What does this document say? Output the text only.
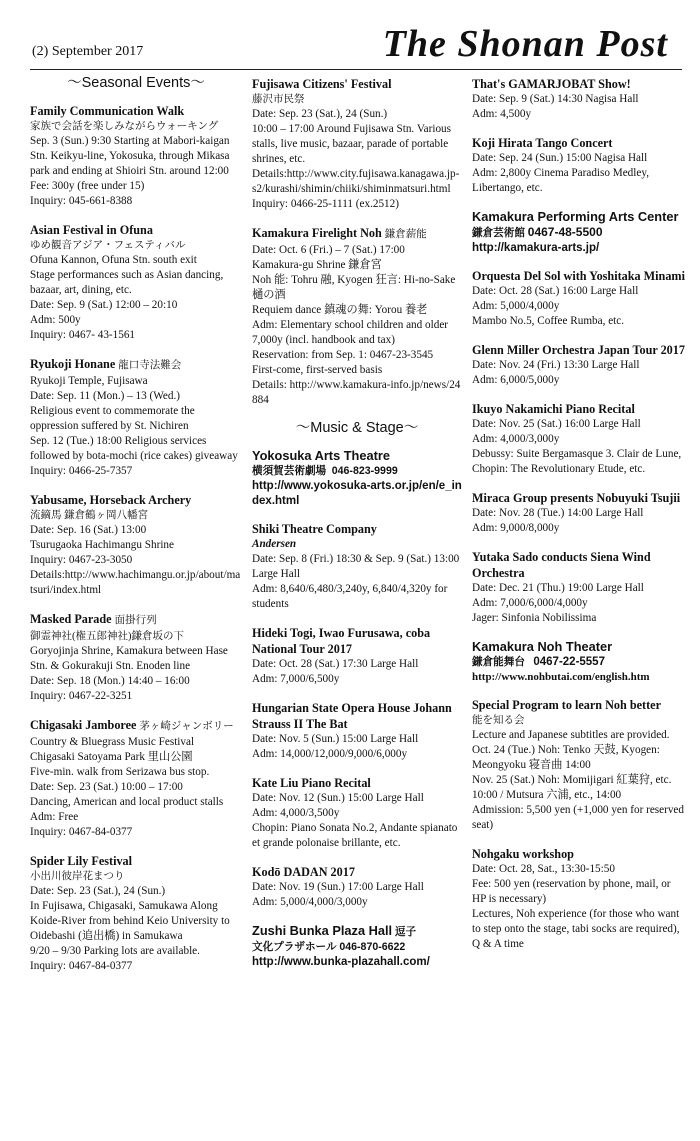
(2) September 2017	The Shonan Post
～Seasonal Events～
Family Communication Walk
家族で会話を楽しみながらウォーキング
Sep. 3 (Sun.) 9:30 Starting at Mabori-kaigan Stn. Keikyu-line, Yokosuka, through Mikasa park and ending at Shioiri Stn. around 12:00
Fee: 300y (free under 15)
Inquiry: 045-661-8388
Asian Festival in Ofuna
ゆめ観音アジア・フェスティバル
Ofuna Kannon, Ofuna Stn. south exit
Stage performances such as Asian dancing, bazaar, art, dining, etc.
Date: Sep. 9 (Sat.) 12:00 – 20:10
Adm: 500y
Inquiry: 0467- 43-1561
Ryukoji Honane 龍口寺法難会
Ryukoji Temple, Fujisawa
Date: Sep. 11 (Mon.) – 13 (Wed.)
Religious event to commemorate the oppression suffered by St. Nichiren
Sep. 12 (Tue.) 18:00 Religious services followed by bota-mochi (rice cakes) giveaway
Inquiry: 0466-25-7357
Yabusame, Horseback Archery
流鏑馬 鎌倉鶴ヶ岡八幡宮
Date: Sep. 16 (Sat.) 13:00
Tsurugaoka Hachimangu Shrine
Inquiry: 0467-23-3050
Details:http://www.hachimangu.or.jp/about/matsuri/index.html
Masked Parade 面掛行列
御霊神社(権五郎神社)鎌倉坂の下
Goryojinja Shrine, Kamakura between Hase Stn. & Gokurakuji Stn. Enoden line
Date: Sep. 18 (Mon.) 14:40 – 16:00
Inquiry: 0467-22-3251
Chigasaki Jamboree 茅ヶ崎ジャンボリー
Country & Bluegrass Music Festival
Chigasaki Satoyama Park 里山公園
Five-min. walk from Serizawa bus stop.
Date: Sep. 23 (Sat.) 10:00 – 17:00
Dancing, American and local product stalls
Adm: Free
Inquiry: 0467-84-0377
Spider Lily Festival
小出川彼岸花まつり
Date: Sep. 23 (Sat.), 24 (Sun.)
In Fujisawa, Chigasaki, Samukawa Along Koide-River from behind Keio University to Oidebashi (追出橋) in Samukawa
9/20 – 9/30 Parking lots are available.
Inquiry: 0467-84-0377
Fujisawa Citizens' Festival
藤沢市民祭
Date: Sep. 23 (Sat.), 24 (Sun.)
10:00 – 17:00 Around Fujisawa Stn. Various stalls, live music, bazaar, parade of portable shrines, etc.
Details:http://www.city.fujisawa.kanagawa.jp-s2/kurashi/shimin/chiiki/shiminmatsuri.html
Inquiry: 0466-25-1111 (ex.2512)
Kamakura Firelight Noh 鎌倉薪能
Date: Oct. 6 (Fri.) – 7 (Sat.) 17:00
Kamakura-gu Shrine 鎌倉宮
Noh 能: Tohru 融, Kyogen 狂言: Hi-no-Sake 樋の酒
Requiem dance 鎮魂の舞: Yorou 養老
Adm: Elementary school children and older 7,000y (incl. handbook and tax)
Reservation: from Sep. 1: 0467-23-3545
First-come, first-served basis
Details: http://www.kamakura-info.jp/news/24884
～Music & Stage～
Yokosuka Arts Theatre
横須賀芸術劇場 046-823-9999
http://www.yokosuka-arts.or.jp/en/e_index.html
Shiki Theatre Company
Andersen
Date: Sep. 8 (Fri.) 18:30 & Sep. 9 (Sat.) 13:00 Large Hall
Adm: 8,640/6,480/3,240y, 6,840/4,320y for students
Hideki Togi, Iwao Furusawa, coba National Tour 2017
Date: Oct. 28 (Sat.) 17:30 Large Hall
Adm: 7,000/6,500y
Hungarian State Opera House Johann Strauss II The Bat
Date: Nov. 5 (Sun.) 15:00 Large Hall
Adm: 14,000/12,000/9,000/6,000y
Kate Liu Piano Recital
Date: Nov. 12 (Sun.) 15:00 Large Hall
Adm: 4,000/3,500y
Chopin: Piano Sonata No.2, Andante spianato et grande polonaise brillante, etc.
Kodō DADAN 2017
Date: Nov. 19 (Sun.) 17:00 Large Hall
Adm: 5,000/4,000/3,000y
Zushi Bunka Plaza Hall 逗子
文化プラザホール 046-870-6622
http://www.bunka-plazahall.com/
That's GAMARJOBAT Show!
Date: Sep. 9 (Sat.) 14:30 Nagisa Hall
Adm: 4,500y
Koji Hirata Tango Concert
Date: Sep. 24 (Sun.) 15:00 Nagisa Hall
Adm: 2,800y Cinema Paradiso Medley, Libertango, etc.
Kamakura Performing Arts Center
鎌倉芸術館 0467-48-5500
http://kamakura-arts.jp/
Orquesta Del Sol with Yoshitaka Minami
Date: Oct. 28 (Sat.) 16:00 Large Hall
Adm: 5,000/4,000y
Mambo No.5, Coffee Rumba, etc.
Glenn Miller Orchestra Japan Tour 2017
Date: Nov. 24 (Fri.) 13:30 Large Hall
Adm: 6,000/5,000y
Ikuyo Nakamichi Piano Recital
Date: Nov. 25 (Sat.) 16:00 Large Hall
Adm: 4,000/3,000y
Debussy: Suite Bergamasque 3. Clair de Lune, Chopin: The Revolutionary Etude, etc.
Miraca Group presents Nobuyuki Tsujii
Date: Nov. 28 (Tue.) 14:00 Large Hall
Adm: 9,000/8,000y
Yutaka Sado conducts Siena Wind Orchestra
Date: Dec. 21 (Thu.) 19:00 Large Hall
Adm: 7,000/6,000/4,000y
Jager: Sinfonia Nobilissima
Kamakura Noh Theater
鎌倉能舞台 0467-22-5557
http://www.nohbutai.com/english.htm
Special Program to learn Noh better
能を知る会
Lecture and Japanese subtitles are provided.
Oct. 24 (Tue.) Noh: Tenko 天鼓, Kyogen: Meongyoku 寝音曲 14:00
Nov. 25 (Sat.) Noh: Momijigari 紅葉狩, etc. 10:00 / Mutsura 六浦, etc., 14:00
Admission: 5,500 yen (+1,000 yen for reserved seat)
Nohgaku workshop
Date: Oct. 28, Sat., 13:30-15:50
Fee: 500 yen (reservation by phone, mail, or HP is necessary)
Lectures, Noh experience (for those who want to step onto the stage, tabi socks are required), Q & A time
